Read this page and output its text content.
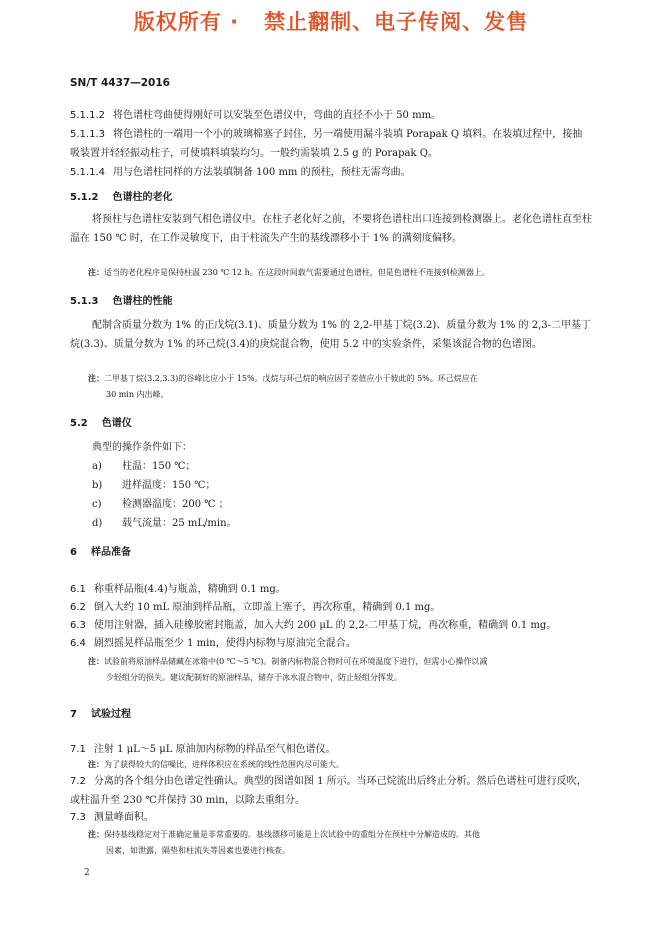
版权所有 ·   禁止翻制、电子传阅、发售
SN/T 4437—2016
5.1.1.2 将色谱柱弯曲使得刚好可以安装至色谱仪中，弯曲的直径不小于 50 mm。
5.1.1.3 将色谱柱的一端用一个小的玻璃棉塞子封住，另一端使用漏斗装填 Porapak Q 填料。在装填过程中，接抽吸装置并轻轻振动柱子，可使填料填装均匀。一般约需装填 2.5 g 的 Porapak Q。
5.1.1.4 用与色谱柱同样的方法装填制备 100 mm 的预柱，预柱无需弯曲。
5.1.2 色谱柱的老化
将预柱与色谱柱安装到气相色谱仪中。在柱子老化好之前，不要将色谱柱出口连接到检测器上。老化色谱柱直至柱温在 150 ℃ 时，在工作灵敏度下，由于柱流失产生的基线漂移小于 1% 的满刻度偏移。
注：适当的老化程序是保持柱温 230 ℃ 12 h。在这段时间载气需要通过色谱柱，但是色谱柱不连接到检测器上。
5.1.3 色谱柱的性能
配制含质量分数为 1% 的正戊烷(3.1)、质量分数为 1% 的 2,2-甲基丁烷(3.2)、质量分数为 1% 的 2,3-二甲基丁烷(3.3)、质量分数为 1% 的环己烷(3.4)的庚烷混合物，使用 5.2 中的实验条件，采集该混合物的色谱图。
注：二甲基丁烷(3.2,3.3)的谷峰比应小于 15%。戊烷与环己烷的响应因子差值应小于彼此的 5%。环己烷应在
30 min 内出峰。
5.2 色谱仪
典型的操作条件如下：
a) 柱温：150 ℃；
b) 进样温度：150 ℃；
c) 检测器温度：200 ℃ ；
d) 载气流量：25 mL/min。
6 样品准备
6.1 称重样品瓶(4.4)与瓶盖，精确到 0.1 mg。
6.2 倒入大约 10 mL 原油到样品瓶，立即盖上塞子，再次称重，精确到 0.1 mg。
6.3 使用注射器，插入硅橡胶密封瓶盖，加入大约 200 μL 的 2,2-二甲基丁烷，再次称重，精确到 0.1 mg。
6.4 剧烈摇晃样品瓶至少 1 min，使得内标物与原油完全混合。
注：试验前将原油样品储藏在冰箱中(0 ℃～5 ℃)。制备内标物混合物时可在环境温度下进行，但需小心操作以减
少轻组分的损失。建议配制好的原油样品，储存于冰水混合物中，防止轻组分挥发。
7 试验过程
7.1 注射 1 μL～5 μL 原油加内标物的样品至气相色谱仪。
注：为了获得较大的信噪比，进样体积应在系统的线性范围内尽可能大。
7.2 分离的各个组分由色谱定性确认。典型的图谱如图 1 所示。当环己烷流出后终止分析。然后色谱柱可进行反吹，或柱温升至 230 ℃并保持 30 min，以除去重组分。
7.3 测量峰面积。
注：保持基线稳定对于准确定量是非常重要的。基线漂移可能是上次试验中的重组分在预柱中分解造成的。其他
因素，如泄露，隔垫和柱流失等因素也要进行核查。
2
